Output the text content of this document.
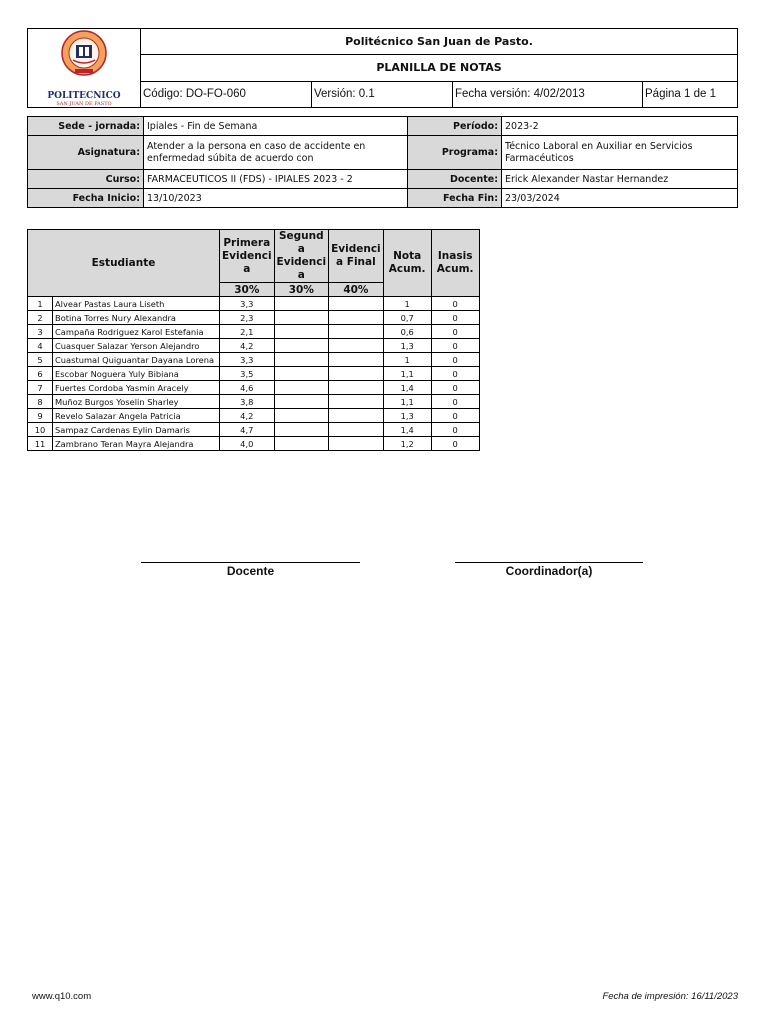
POLITECNICO
SAN JUAN DE PASTO	Politécnico San Juan de Pasto.			
	PLANILLA DE NOTAS			
	Código: DO-FO-060	Versión: 0.1	Fecha versión: 4/02/2013	Página 1 de 1
Sede - jornada:	Ipiales - Fin de Semana	Período:	2023-2
Asignatura:	Atender a la persona en caso de accidente en enfermedad súbita de acuerdo con	Programa:	Técnico Laboral en Auxiliar en Servicios Farmacéuticos
Curso:	FARMACEUTICOS II (FDS) - IPIALES 2023 - 2	Docente:	Erick Alexander Nastar Hernandez
Fecha Inicio:	13/10/2023	Fecha Fin:	23/03/2024
Estudiante		Primera Evidenci a	Segund a Evidenci a	Evidenci a Final	Nota Acum.	Inasis Acum.
		30%	30%	40%		
1	Alvear Pastas Laura Liseth	3,3			1	0
2	Botina Torres Nury Alexandra	2,3			0,7	0
3	Campaña Rodriguez Karol Estefania	2,1			0,6	0
4	Cuasquer Salazar Yerson Alejandro	4,2			1,3	0
5	Cuastumal Quiguantar Dayana Lorena	3,3			1	0
6	Escobar Noguera Yuly Bibiana	3,5			1,1	0
7	Fuertes Cordoba Yasmin Aracely	4,6			1,4	0
8	Muñoz Burgos Yoselin Sharley	3,8			1,1	0
9	Revelo Salazar Angela Patricia	4,2			1,3	0
10	Sampaz Cardenas Eylin Damaris	4,7			1,4	0
11	Zambrano Teran Mayra Alejandra	4,0			1,2	0
Docente	Coordinador(a)
www.q10.com	Fecha de impresión: 16/11/2023
